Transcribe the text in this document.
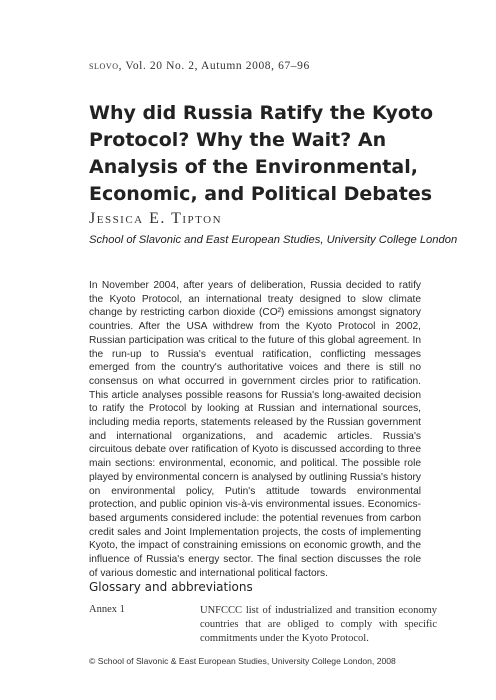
slovo, Vol. 20 No. 2, Autumn 2008, 67–96
Why did Russia Ratify the Kyoto Protocol? Why the Wait? An Analysis of the Environmental, Economic, and Political Debates
Jessica E. Tipton
School of Slavonic and East European Studies, University College London

In November 2004, after years of deliberation, Russia decided to ratify the Kyoto Protocol, an international treaty designed to slow climate change by restricting carbon dioxide (CO²) emissions amongst signatory countries. After the USA withdrew from the Kyoto Protocol in 2002, Russian participation was critical to the future of this global agreement. In the run-up to Russia's eventual ratification, conflicting messages emerged from the country's authoritative voices and there is still no consensus on what occurred in government circles prior to ratification. This article analyses possible reasons for Russia's long-awaited decision to ratify the Protocol by looking at Russian and international sources, including media reports, statements released by the Russian government and international organizations, and academic articles. Russia's circuitous debate over ratification of Kyoto is discussed according to three main sections: environmental, economic, and political. The possible role played by environmental concern is analysed by outlining Russia's history on environmental policy, Putin's attitude towards environmental protection, and public opinion vis-à-vis environmental issues. Economics-based arguments considered include: the potential revenues from carbon credit sales and Joint Implementation projects, the costs of implementing Kyoto, the impact of constraining emissions on economic growth, and the influence of Russia's energy sector. The final section discusses the role of various domestic and international political factors.

Glossary and abbreviations
Annex 1	UNFCCC list of industrialized and transition economy countries that are obliged to comply with specific commitments under the Kyoto Protocol.

© School of Slavonic & East European Studies, University College London, 2008
